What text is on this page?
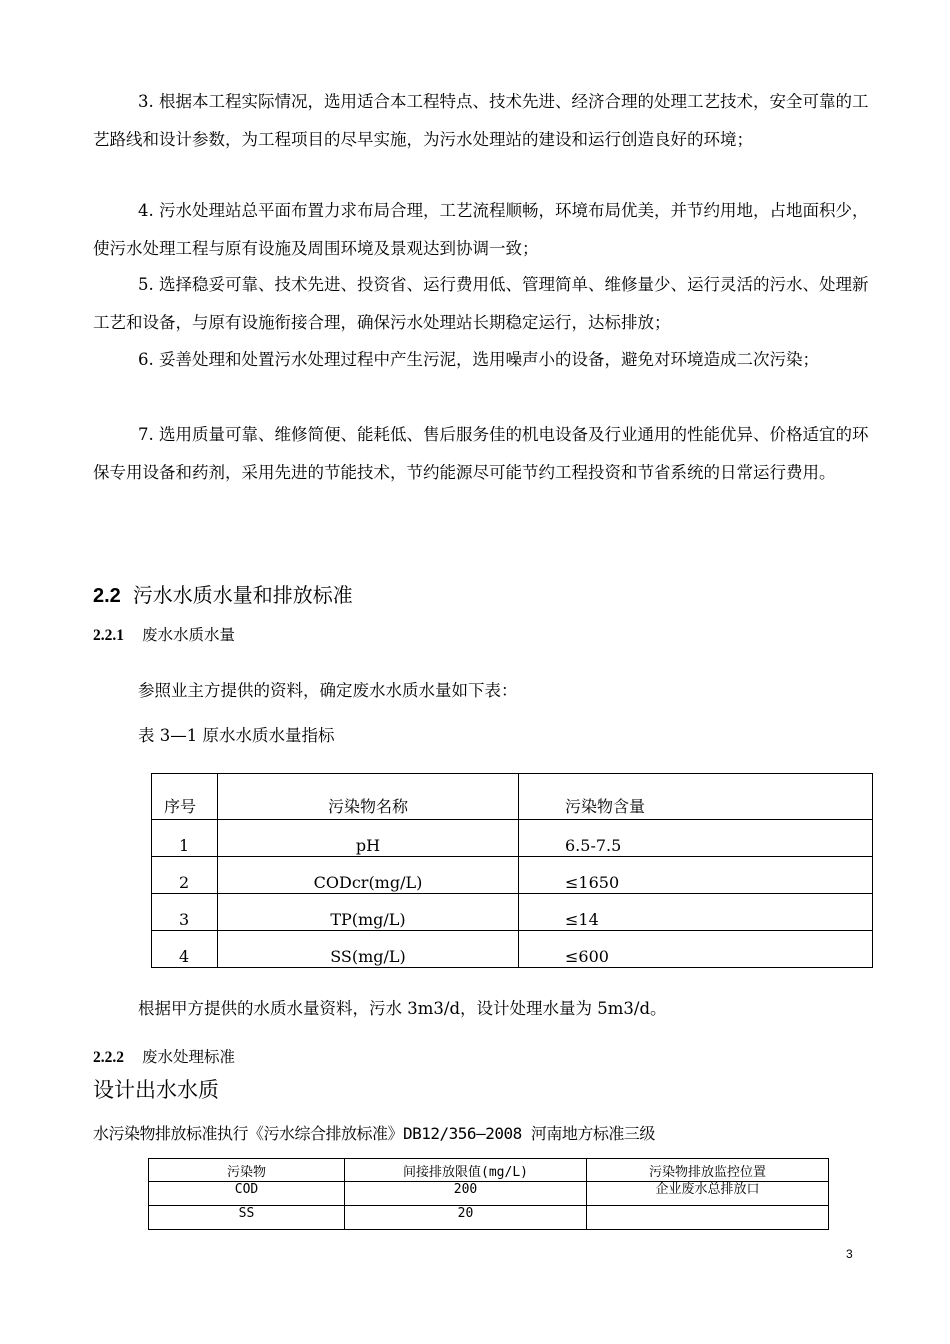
3. 根据本工程实际情况，选用适合本工程特点、技术先进、经济合理的处理工艺技术，安全可靠的工艺路线和设计参数，为工程项目的尽早实施，为污水处理站的建设和运行创造良好的环境；

4. 污水处理站总平面布置力求布局合理，工艺流程顺畅，环境布局优美，并节约用地，占地面积少，使污水处理工程与原有设施及周围环境及景观达到协调一致；

5. 选择稳妥可靠、技术先进、投资省、运行费用低、管理简单、维修量少、运行灵活的污水、处理新工艺和设备，与原有设施衔接合理，确保污水处理站长期稳定运行，达标排放；

6. 妥善处理和处置污水处理过程中产生污泥，选用噪声小的设备，避免对环境造成二次污染；

7. 选用质量可靠、维修简便、能耗低、售后服务佳的机电设备及行业通用的性能优异、价格适宜的环保专用设备和药剂，采用先进的节能技术，节约能源尽可能节约工程投资和节省系统的日常运行费用。

2.2 污水水质水量和排放标准
2.2.1 废水水质水量
参照业主方提供的资料，确定废水水质水量如下表：
表 3—1 原水水质水量指标
序号	污染物名称	污染物含量
1	pH	6.5-7.5
2	CODcr(mg/L)	≤1650
3	TP(mg/L)	≤14
4	SS(mg/L)	≤600
根据甲方提供的水质水量资料，污水 3m3/d，设计处理水量为 5m3/d。
2.2.2 废水处理标准
设计出水水质
水污染物排放标准执行《污水综合排放标准》DB12/356—2008 河南地方标准三级
污染物	间接排放限值(mg/L)	污染物排放监控位置
COD	200	企业废水总排放口
SS	20	
3
